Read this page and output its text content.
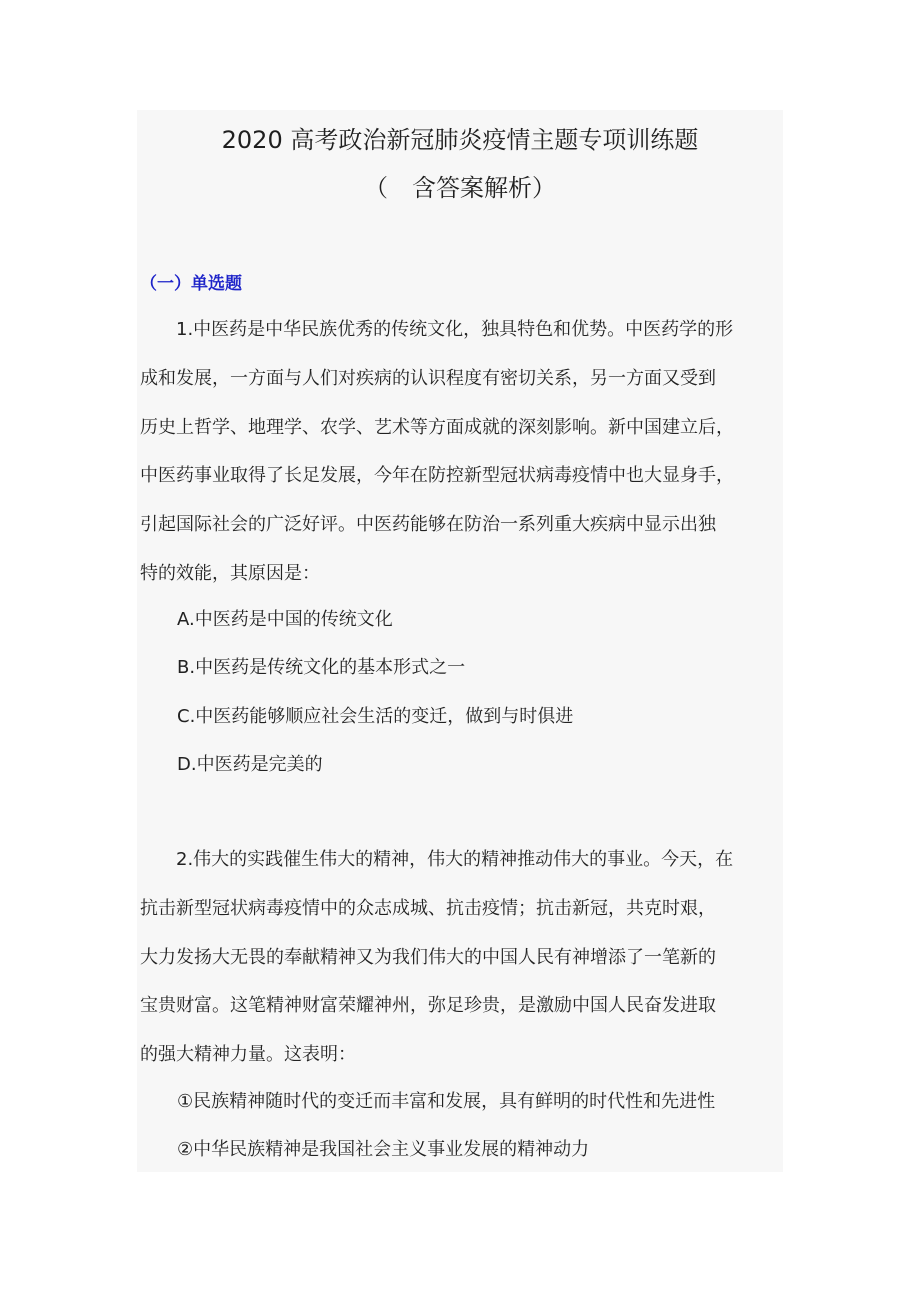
2020 高考政治新冠肺炎疫情主题专项训练题
（　含答案解析）
（一）单选题
1.中医药是中华民族优秀的传统文化，独具特色和优势。中医药学的形
成和发展，一方面与人们对疾病的认识程度有密切关系，另一方面又受到
历史上哲学、地理学、农学、艺术等方面成就的深刻影响。新中国建立后，
中医药事业取得了长足发展，今年在防控新型冠状病毒疫情中也大显身手，
引起国际社会的广泛好评。中医药能够在防治一系列重大疾病中显示出独
特的效能，其原因是：
A.中医药是中国的传统文化
B.中医药是传统文化的基本形式之一
C.中医药能够顺应社会生活的变迁，做到与时俱进
D.中医药是完美的
2.伟大的实践催生伟大的精神，伟大的精神推动伟大的事业。今天，在
抗击新型冠状病毒疫情中的众志成城、抗击疫情；抗击新冠，共克时艰，
大力发扬大无畏的奉献精神又为我们伟大的中国人民有神增添了一笔新的
宝贵财富。这笔精神财富荣耀神州，弥足珍贵，是激励中国人民奋发进取
的强大精神力量。这表明：
①民族精神随时代的变迁而丰富和发展，具有鲜明的时代性和先进性
②中华民族精神是我国社会主义事业发展的精神动力
